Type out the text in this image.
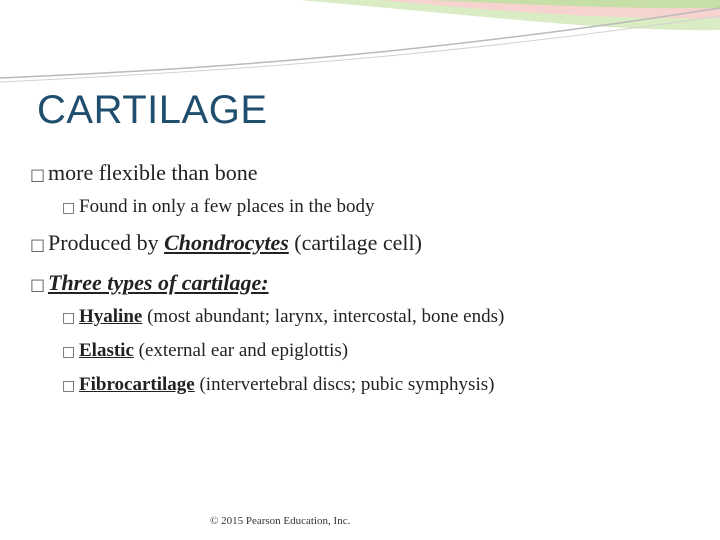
CARTILAGE
□ more flexible than bone
□ Found in only a few places in the body
□ Produced by Chondrocytes (cartilage cell)
□ Three types of cartilage:
□ Hyaline (most abundant; larynx, intercostal, bone ends)
□ Elastic (external ear and epiglottis)
□ Fibrocartilage (intervertebral discs; pubic symphysis)
© 2015 Pearson Education, Inc.
